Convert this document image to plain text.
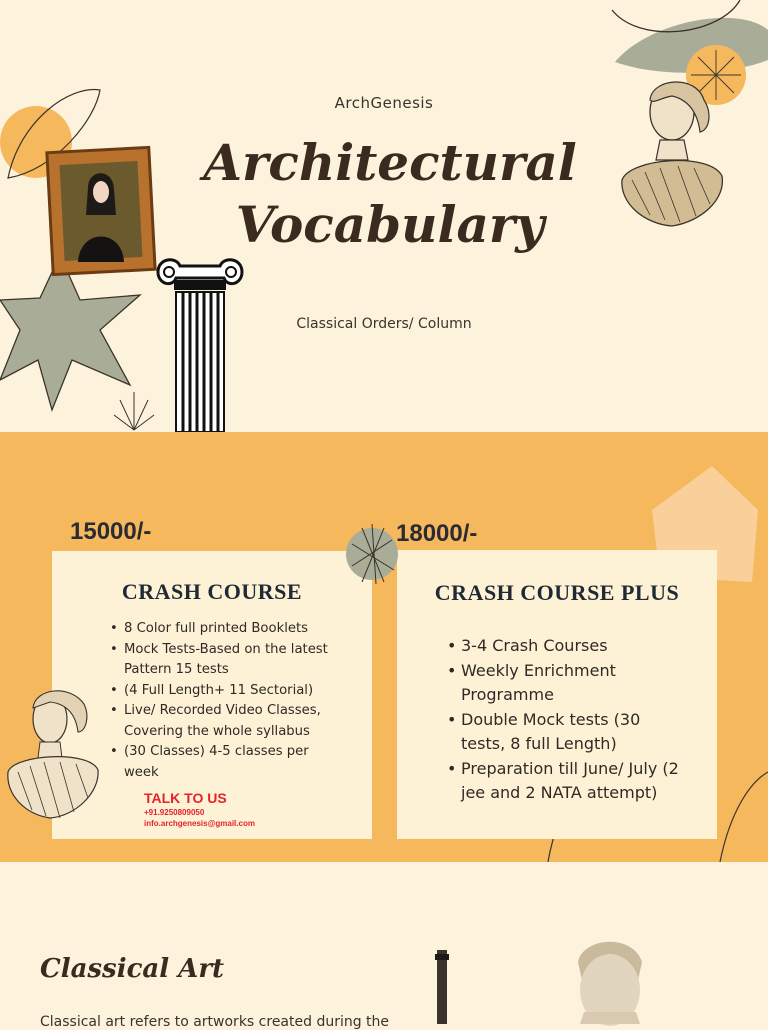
ArchGenesis
Architectural
Vocabulary
Classical Orders/ Column
15000/-	18000/-
CRASH COURSE
• 8 Color full printed Booklets
• Mock Tests-Based on the latest Pattern 15 tests
• (4 Full Length+ 11 Sectorial)
• Live/ Recorded Video Classes, Covering the whole syllabus
• (30 Classes) 4-5 classes per week
TALK TO US
+91.9250809050
info.archgenesis@gmail.com
CRASH COURSE PLUS
• 3-4 Crash Courses
• Weekly Enrichment Programme
• Double Mock tests (30 tests, 8 full Length)
• Preparation till June/ July (2 jee and 2 NATA attempt)
Classical Art
Classical art refers to artworks created during the
